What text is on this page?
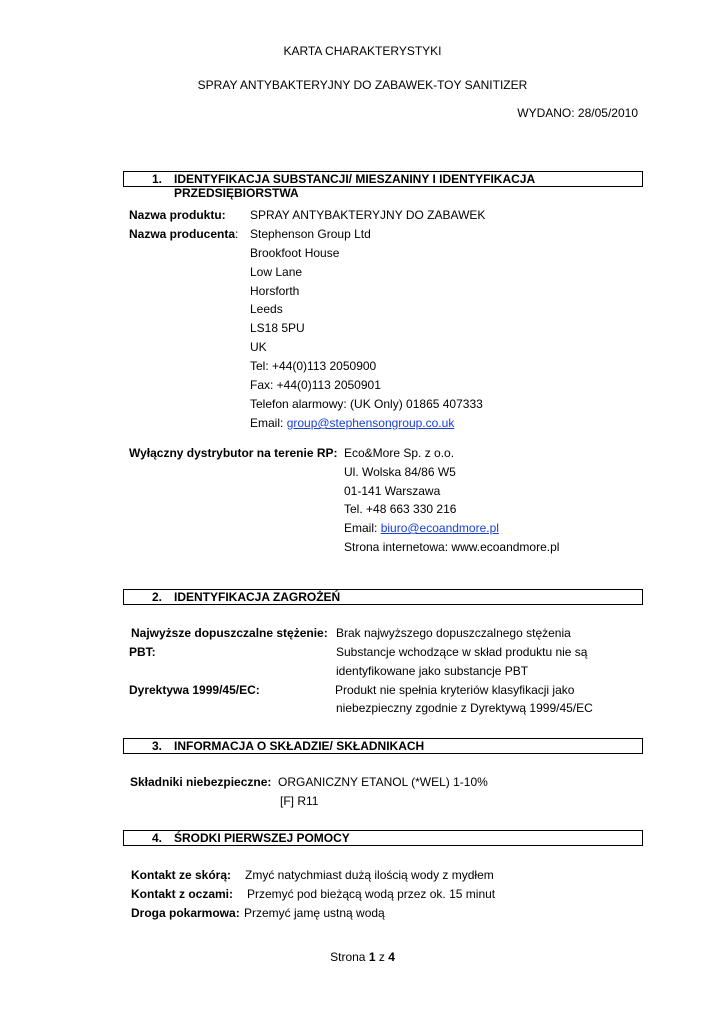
KARTA CHARAKTERYSTYKI
SPRAY ANTYBAKTERYJNY DO ZABAWEK-TOY SANITIZER
WYDANO: 28/05/2010
1. IDENTYFIKACJA SUBSTANCJI/ MIESZANINY I IDENTYFIKACJA PRZEDSIĘBIORSTWA
Nazwa produktu: SPRAY ANTYBAKTERYJNY DO ZABAWEK
Nazwa producenta: Stephenson Group Ltd
Brookfoot House
Low Lane
Horsforth
Leeds
LS18 5PU
UK
Tel: +44(0)113 2050900
Fax: +44(0)113 2050901
Telefon alarmowy: (UK Only) 01865 407333
Email: group@stephensongroup.co.uk
Wyłączny dystrybutor na terenie RP: Eco&More Sp. z o.o.
Ul. Wolska 84/86 W5
01-141 Warszawa
Tel. +48 663 330 216
Email: biuro@ecoandmore.pl
Strona internetowa: www.ecoandmore.pl
2. IDENTYFIKACJA ZAGROŻEŃ
Najwyższe dopuszczalne stężenie: Brak najwyższego dopuszczalnego stężenia
PBT:	Substancje wchodzące w skład produktu nie są
identyfikowane jako substancje PBT
Dyrektywa 1999/45/EC:	Produkt nie spełnia kryteriów klasyfikacji jako
niebezpieczny zgodnie z Dyrektywą 1999/45/EC
3. INFORMACJA O SKŁADZIE/ SKŁADNIKACH
Składniki niebezpieczne: ORGANICZNY ETANOL (*WEL) 1-10%
[F] R11
4. ŚRODKI PIERWSZEJ POMOCY
Kontakt ze skórą: Zmyć natychmiast dużą ilością wody z mydłem
Kontakt z oczami: Przemyć pod bieżącą wodą przez ok. 15 minut
Droga pokarmowa: Przemyć jamę ustną wodą
Strona 1 z 4
